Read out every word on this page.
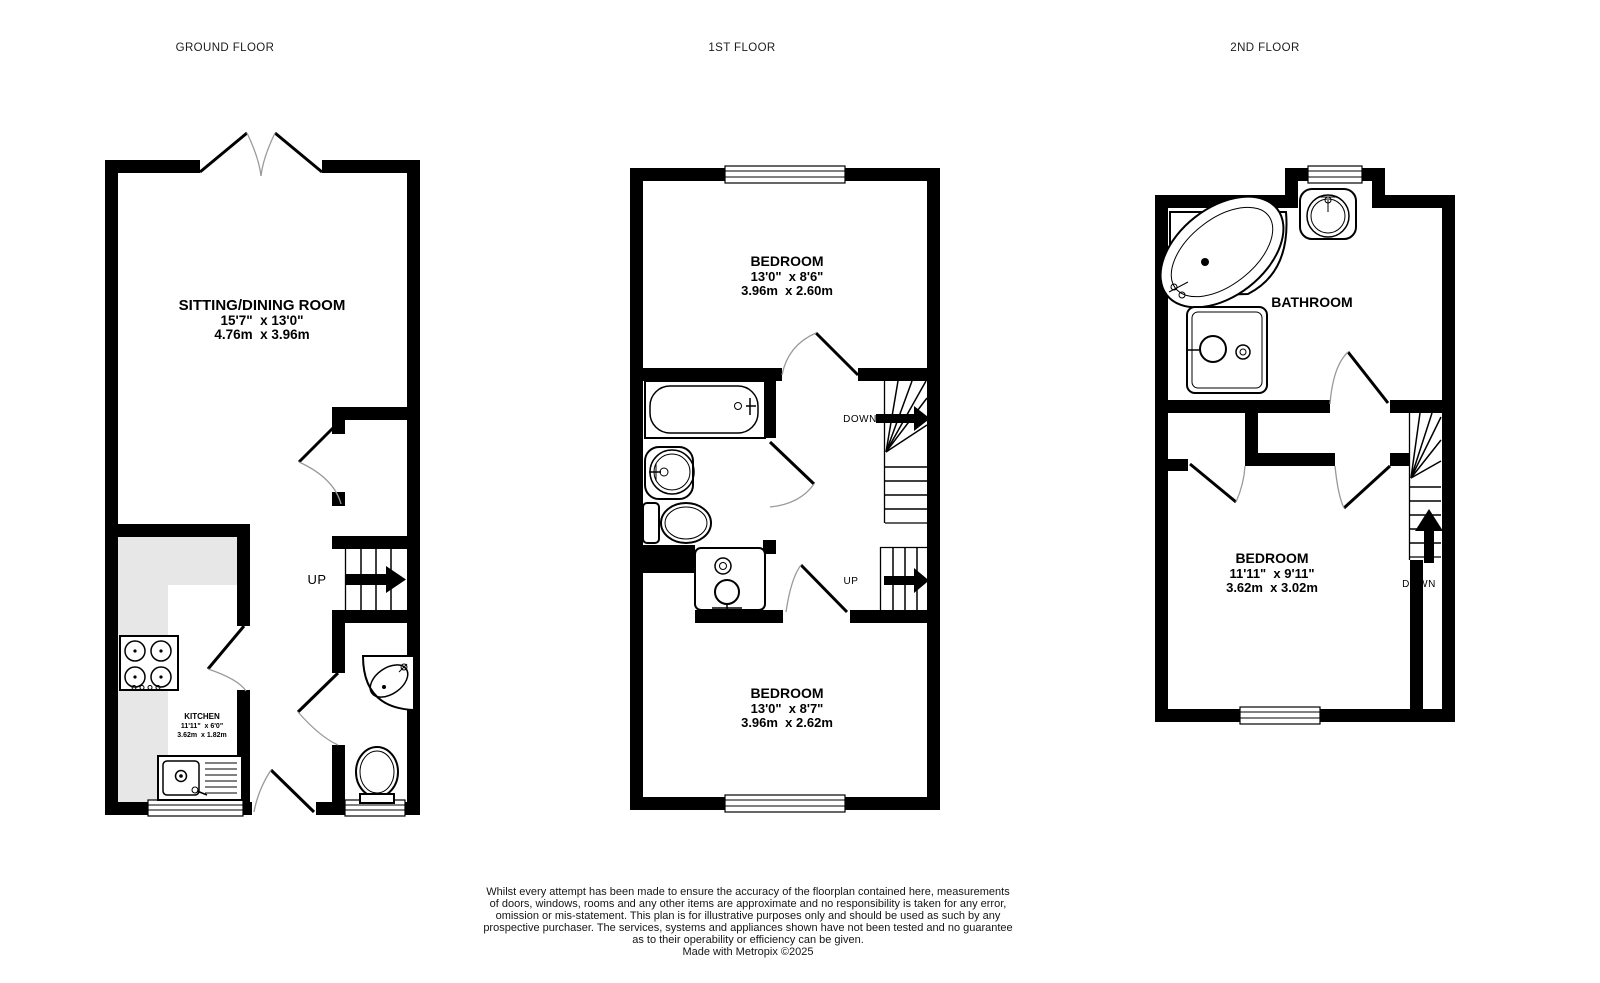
GROUND FLOOR	1ST FLOOR	2ND FLOOR
SITTING/DINING ROOM
15'7"  x 13'0"
4.76m  x 3.96m
KITCHEN
11'11"  x 6'0"
3.62m  x 1.82m
UP
BEDROOM
13'0"  x 8'6"
3.96m  x 2.60m
BEDROOM
13'0"  x 8'7"
3.96m  x 2.62m
DOWN
UP
BATHROOM
BEDROOM
11'11"  x 9'11"
3.62m  x 3.02m	DOWN
Whilst every attempt has been made to ensure the accuracy of the floorplan contained here, measurements
of doors, windows, rooms and any other items are approximate and no responsibility is taken for any error,
omission or mis-statement. This plan is for illustrative purposes only and should be used as such by any
prospective purchaser. The services, systems and appliances shown have not been tested and no guarantee
as to their operability or efficiency can be given.
Made with Metropix ©2025
